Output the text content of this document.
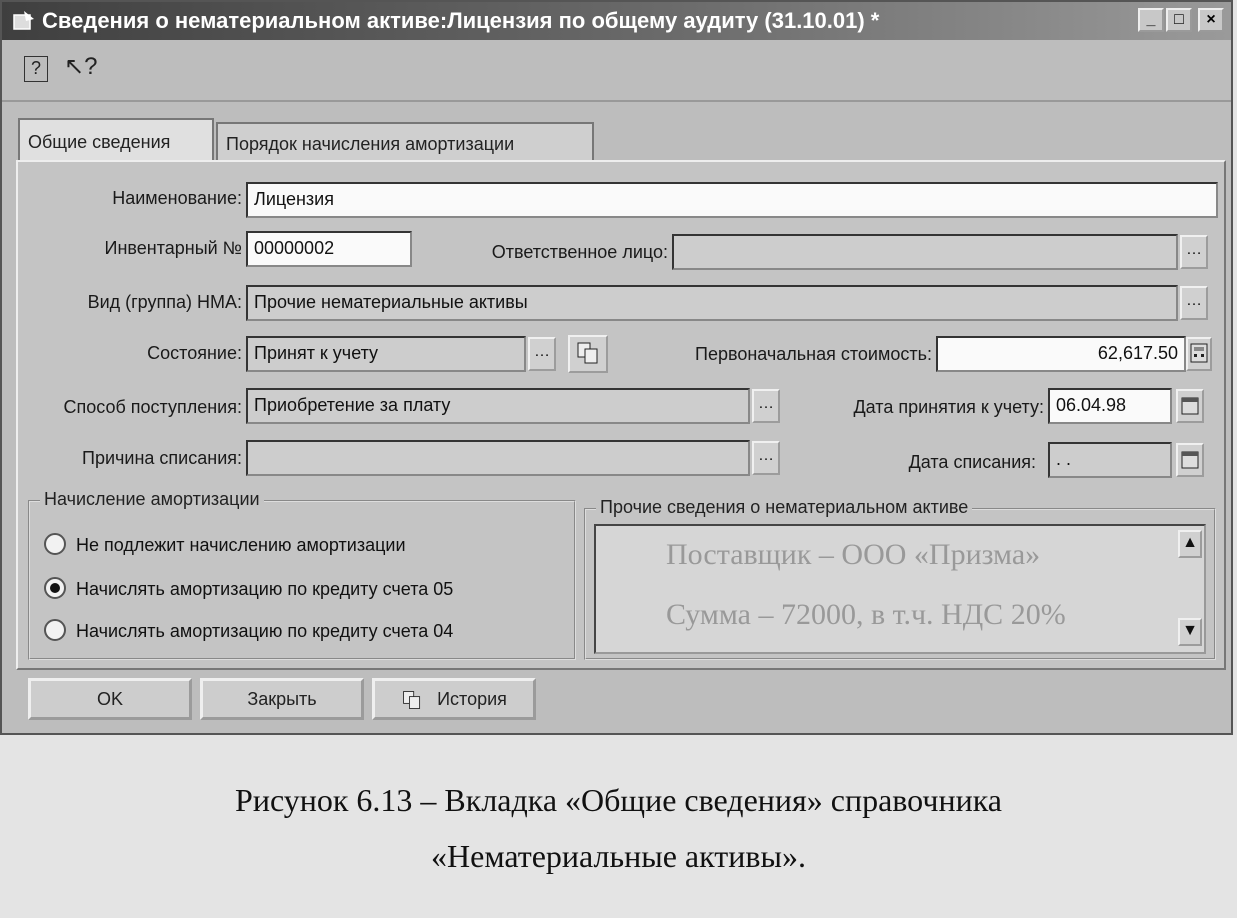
Сведения о нематериальном активе:Лицензия по общему аудиту (31.10.01) *	_	□	×
? ↖?
Общие сведения	Порядок начисления амортизации
Наименование: Лицензия
Инвентарный № 00000002	Ответственное лицо:	…
Вид (группа) НМА: Прочие нематериальные активы	…
Состояние: Принят к учету	…	Первоначальная стоимость:	62,617.50
Способ поступления: Приобретение за плату	…	Дата принятия к учету: 06.04.98
Причина списания:	…	Дата списания:	. .
Начисление амортизации
Не подлежит начислению амортизации
Начислять амортизацию по кредиту счета 05
Начислять амортизацию по кредиту счета 04
Прочие сведения о нематериальном активе
Поставщик – ООО «Призма»
Сумма – 72000, в т.ч. НДС 20%
▲
▼
OK	Закрыть	История
Рисунок 6.13 – Вкладка «Общие сведения» справочника
«Нематериальные активы».
